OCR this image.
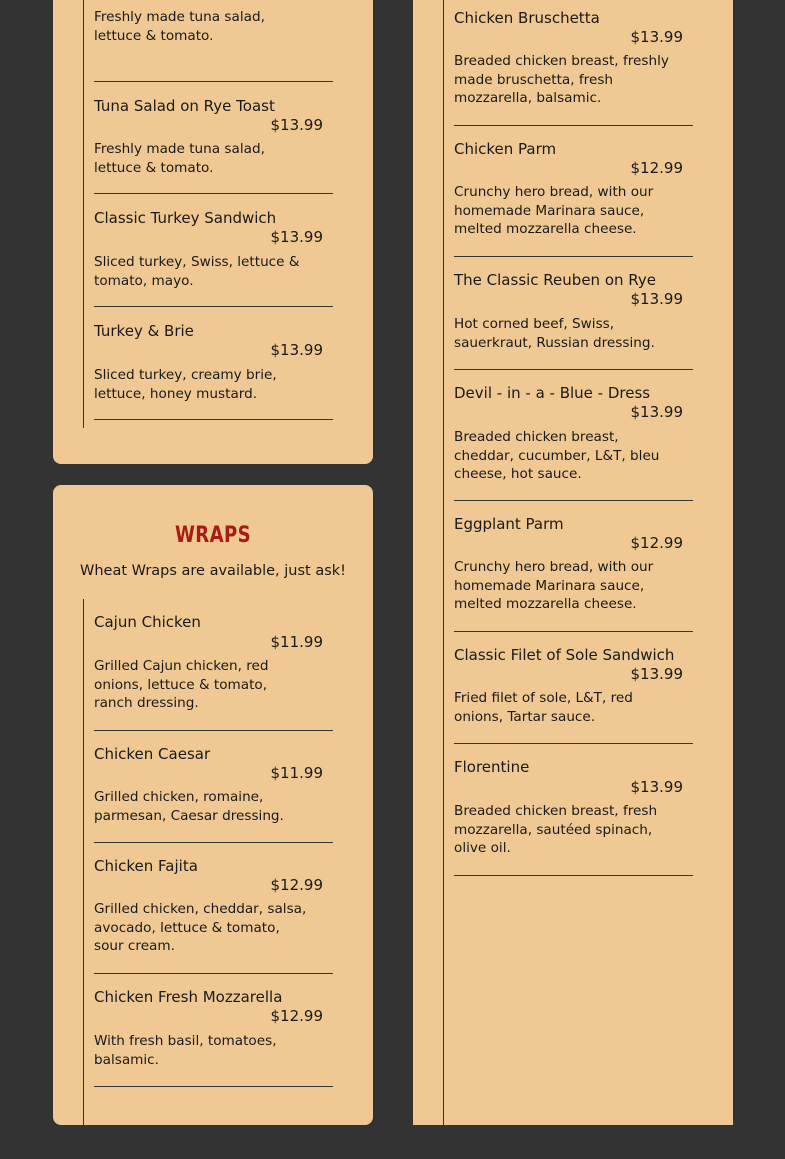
Freshly made tuna salad, lettuce & tomato.
Tuna Salad on Rye Toast
$13.99
Freshly made tuna salad, lettuce & tomato.
Classic Turkey Sandwich
$13.99
Sliced turkey, Swiss, lettuce & tomato, mayo.
Turkey & Brie
$13.99
Sliced turkey, creamy brie, lettuce, honey mustard.
WRAPS
Wheat Wraps are available, just ask!
Cajun Chicken
$11.99
Grilled Cajun chicken, red onions, lettuce & tomato, ranch dressing.
Chicken Caesar
$11.99
Grilled chicken, romaine, parmesan, Caesar dressing.
Chicken Fajita
$12.99
Grilled chicken, cheddar, salsa, avocado, lettuce & tomato, sour cream.
Chicken Fresh Mozzarella
$12.99
With fresh basil, tomatoes, balsamic.
Chicken Bruschetta
$13.99
Breaded chicken breast, freshly made bruschetta, fresh mozzarella, balsamic.
Chicken Parm
$12.99
Crunchy hero bread, with our homemade Marinara sauce, melted mozzarella cheese.
The Classic Reuben on Rye
$13.99
Hot corned beef, Swiss, sauerkraut, Russian dressing.
Devil - in - a - Blue - Dress
$13.99
Breaded chicken breast, cheddar, cucumber, L&T, bleu cheese, hot sauce.
Eggplant Parm
$12.99
Crunchy hero bread, with our homemade Marinara sauce, melted mozzarella cheese.
Classic Filet of Sole Sandwich
$13.99
Fried filet of sole, L&T, red onions, Tartar sauce.
Florentine
$13.99
Breaded chicken breast, fresh mozzarella, sautéed spinach, olive oil.
